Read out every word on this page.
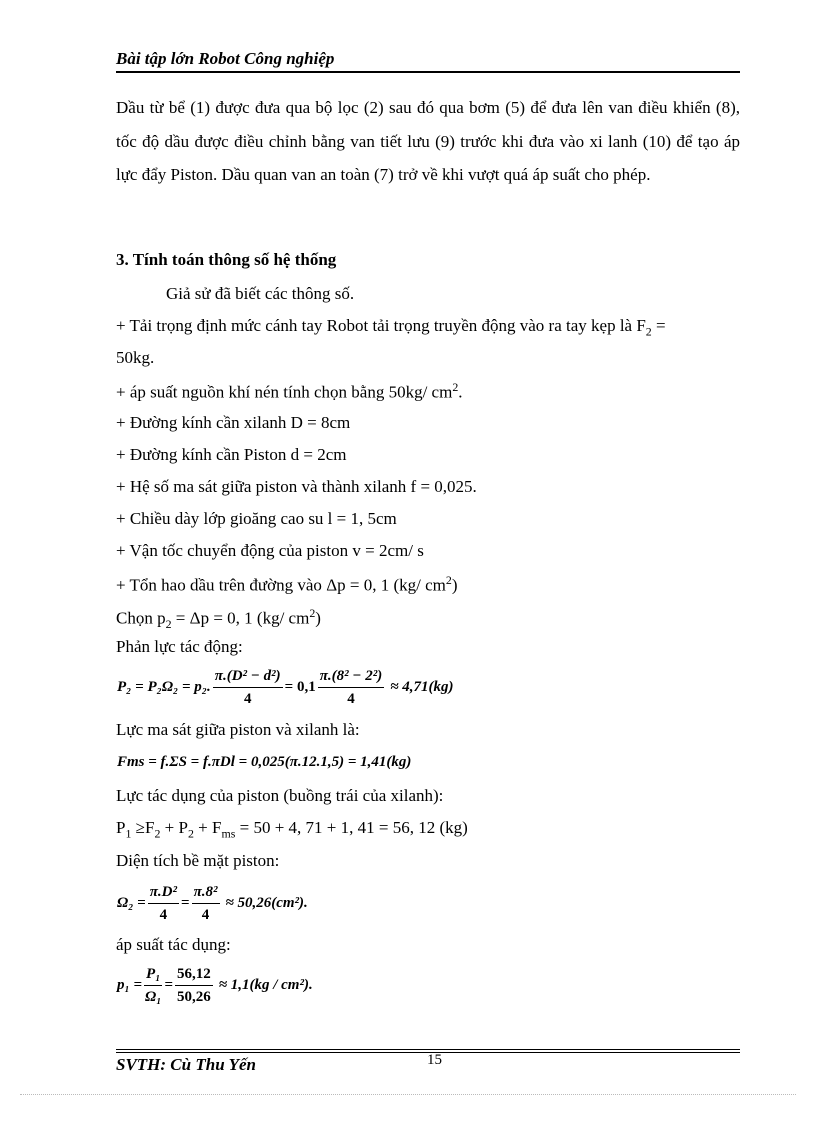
Bài tập lớn Robot Công nghiệp
Dầu từ bể (1) được đưa qua bộ lọc (2) sau đó qua bơm (5) để đưa lên van điều khiển (8), tốc độ dầu được điều chỉnh bằng van tiết lưu (9) trước khi đưa vào xi lanh (10) để tạo áp lực đẩy Piston. Dầu quan van an toàn (7) trở về khi vượt quá áp suất cho phép.
3. Tính toán thông số hệ thống
Giả sử đã biết các thông số.
+ Tải trọng định mức cánh tay Robot tải trọng truyền động vào ra tay kẹp là $F_2$ =
50kg.
+ áp suất nguồn khí nén tính chọn bằng 50kg/ $cm^2$.
+ Đường kính cần xilanh D = 8cm
+ Đường kính cần Piston d = 2cm
+ Hệ số ma sát giữa piston và thành xilanh f = 0,025.
+ Chiều dày lớp gioăng cao su l = 1, 5cm
+ Vận tốc chuyển động của piston v = 2cm/ s
+ Tổn hao dầu trên đường vào Δp = 0, 1 (kg/ $cm^2$)
Chọn $p_2 = \Delta p = 0$, 1 (kg/ $cm^2$)
Phản lực tác động:
P₂ = P₂Ω₂ = p₂. $\frac{\text{π.(D² − d²)}}{4} = 0,1 \frac{\text{π.(8² − 2²)}}{4} \approx 4,71(kg)$
Lực ma sát giữa piston và xilanh là:
Fms = f.ΣS = f.πDl = 0,025(π.12.1,5) = 1,41(kg)
Lực tác dụng của piston (buồng trái của xilanh):
$P_1 \ge F_2 + P_2 + F_{ms} = 50 + 4$, 71 + 1, 41 = 56, 12 (kg)
Diện tích bề mặt piston:
$\Omega_2 = \frac{\text{π.D²}}{4} = \frac{\text{π.8²}}{4} \approx 50,26(cm^2)$.
áp suất tác dụng:
$p_1 = \frac{\text{P₁}}{\text{Ω₁}} = \frac{56,12}{50,26} \approx 1,1(kg / cm^2)$.
SVTH: Cù Thu Yến	15
